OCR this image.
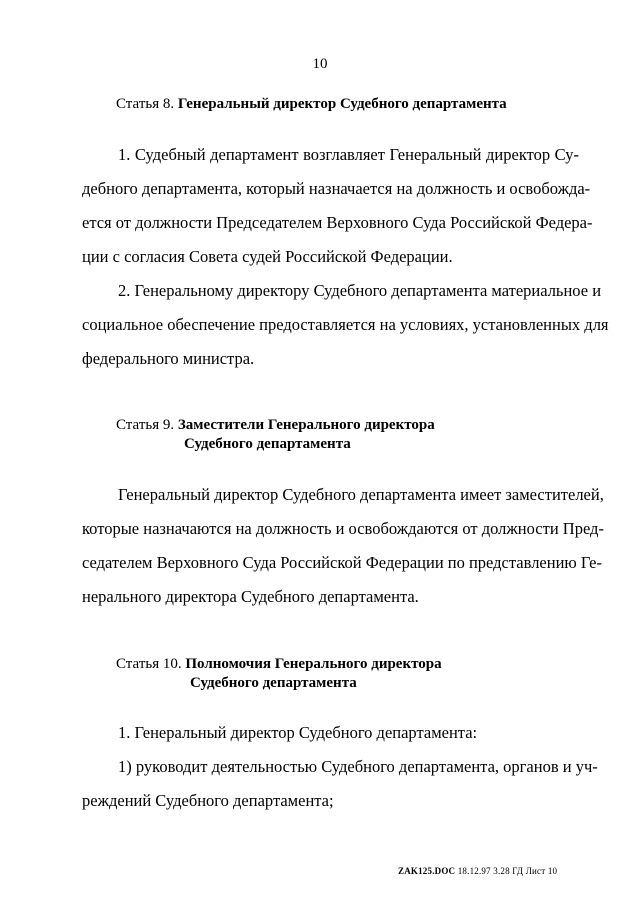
10
Статья 8. Генеральный директор Судебного департамента
1. Судебный департамент возглавляет Генеральный директор Су-
дебного департамента, который назначается на должность и освобожда-
ется от должности Председателем Верховного Суда Российской Федера-
ции с согласия Совета судей Российской Федерации.
2. Генеральному директору Судебного департамента материальное и
социальное обеспечение предоставляется на условиях, установленных для
федерального министра.
Статья 9. Заместители Генерального директора
Судебного департамента
Генеральный директор Судебного департамента имеет заместителей,
которые назначаются на должность и освобождаются от должности Пред-
седателем Верховного Суда Российской Федерации по представлению Ге-
нерального директора Судебного департамента.
Статья 10. Полномочия Генерального директора
Судебного департамента
1. Генеральный директор Судебного департамента:
1) руководит деятельностью Судебного департамента, органов и уч-
реждений Судебного департамента;
ZAK125.DOC 18.12.97 3.28 ГД Лист 10
